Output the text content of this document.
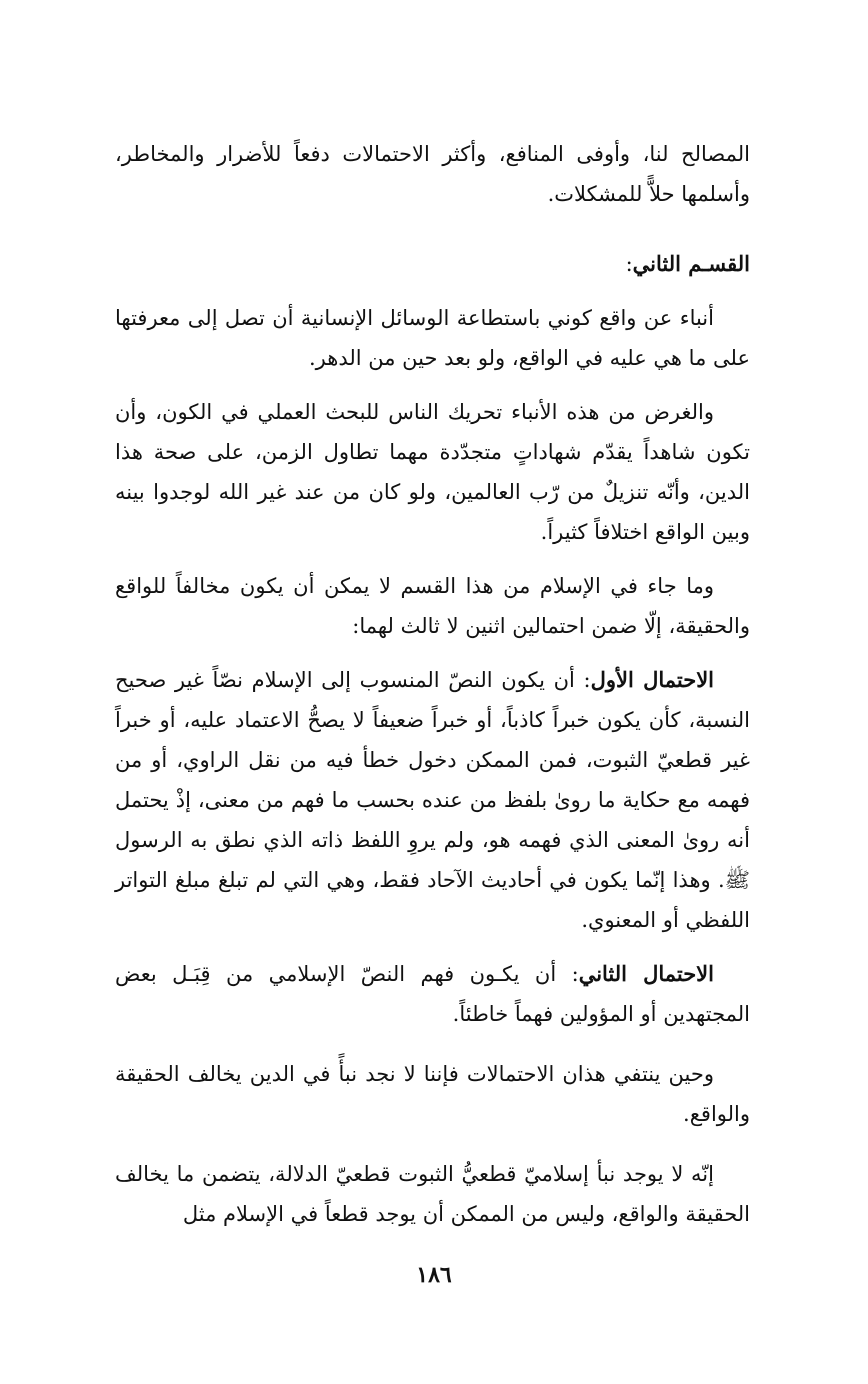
المصالح لنا، وأوفى المنافع، وأكثر الاحتمالات دفعاً للأضرار والمخاطر، وأسلمها حلاًّ للمشكلات.

القسـم الثاني:

أنباء عن واقع كوني باستطاعة الوسائل الإنسانية أن تصل إلى معرفتها على ما هي عليه في الواقع، ولو بعد حين من الدهر.

والغرض من هذه الأنباء تحريك الناس للبحث العملي في الكون، وأن تكون شاهداً يقدّم شهاداتٍ متجدّدة مهما تطاول الزمن، على صحة هذا الدين، وأنّه تنزيلٌ من رّب العالمين، ولو كان من عند غير الله لوجدوا بينه وبين الواقع اختلافاً كثيراً.

وما جاء في الإسلام من هذا القسم لا يمكن أن يكون مخالفاً للواقع والحقيقة، إلّا ضمن احتمالين اثنين لا ثالث لهما:

الاحتمال الأول: أن يكون النصّ المنسوب إلى الإسلام نصّاً غير صحيح النسبة، كأن يكون خبراً كاذباً، أو خبراً ضعيفاً لا يصحُّ الاعتماد عليه، أو خبراً غير قطعيّ الثبوت، فمن الممكن دخول خطأ فيه من نقل الراوي، أو من فهمه مع حكاية ما روىٰ بلفظ من عنده بحسب ما فهم من معنى، إذْ يحتمل أنه روىٰ المعنى الذي فهمه هو، ولم يروِ اللفظ ذاته الذي نطق به الرسول ﷺ. وهذا إنّما يكون في أحاديث الآحاد فقط، وهي التي لم تبلغ مبلغ التواتر اللفظي أو المعنوي.

الاحتمال الثاني: أن يكـون فهم النصّ الإسلامي من قِبَـل بعض المجتهدين أو المؤولين فهماً خاطئاً.

وحين ينتفي هذان الاحتمالات فإننا لا نجد نبأً في الدين يخالف الحقيقة والواقع.

إنّه لا يوجد نبأ إسلاميّ قطعيُّ الثبوت قطعيّ الدلالة، يتضمن ما يخالف الحقيقة والواقع، وليس من الممكن أن يوجد قطعاً في الإسلام مثل

١٨٦
